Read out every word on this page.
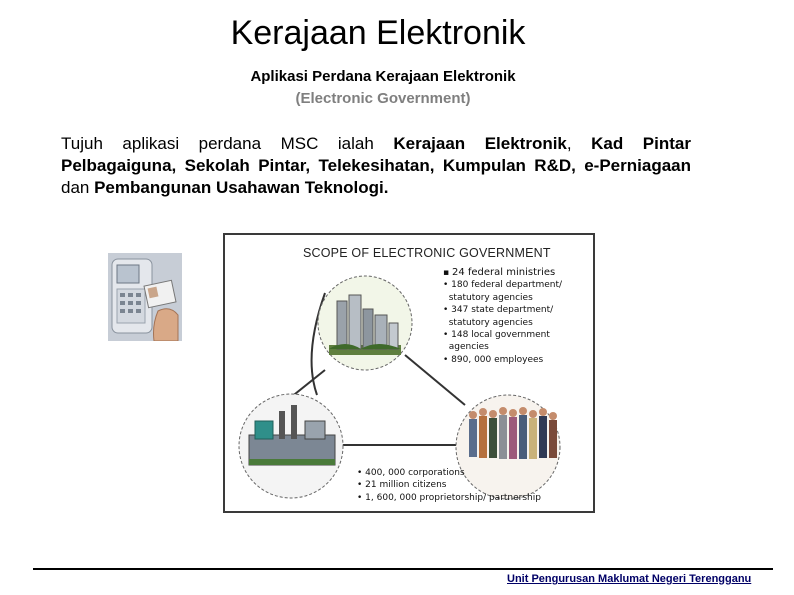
Kerajaan Elektronik
Aplikasi Perdana Kerajaan Elektronik
(Electronic Government)
Tujuh aplikasi perdana MSC ialah Kerajaan Elektronik, Kad Pintar Pelbagaiguna, Sekolah Pintar, Telekesihatan, Kumpulan R&D, e-Perniagaan dan Pembangunan Usahawan Teknologi.
SCOPE OF ELECTRONIC GOVERNMENT
▪ 24 federal ministries
• 180 federal department/
statutory agencies
• 347 state department/
statutory agencies
• 148 local government
agencies
• 890, 000 employees
• 400, 000 corporations
• 21 million citizens
• 1, 600, 000 proprietorship/ partnership
Unit Pengurusan Maklumat Negeri Terengganu
